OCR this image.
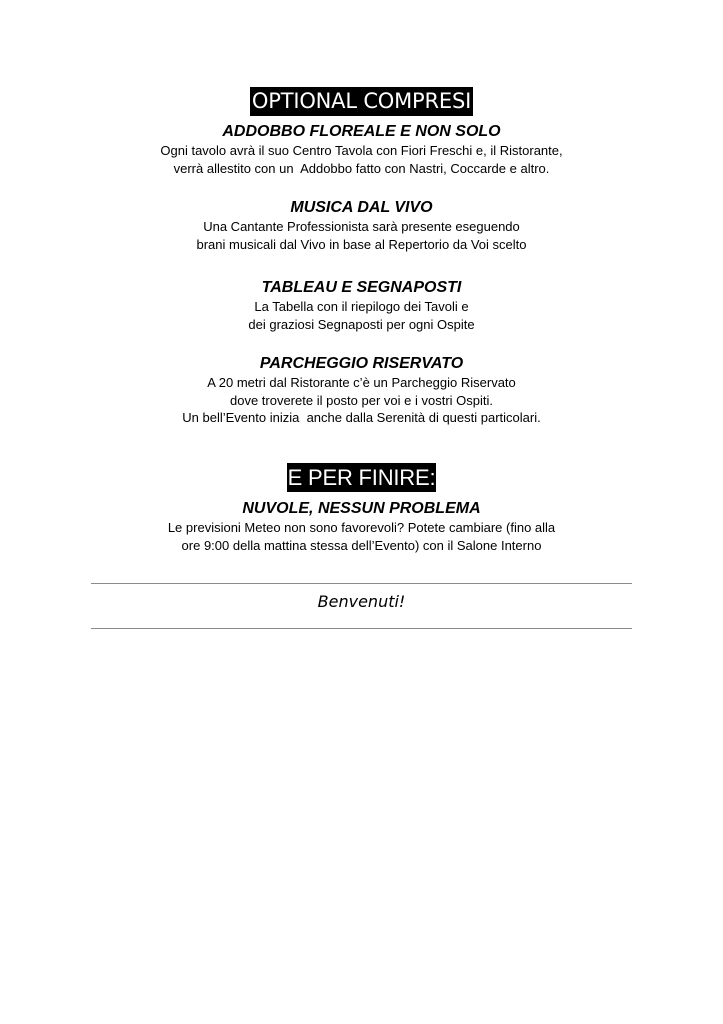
OPTIONAL COMPRESI

ADDOBBO FLOREALE E NON SOLO

Ogni tavolo avrà il suo Centro Tavola con Fiori Freschi e, il Ristorante,

verrà allestito con un  Addobbo fatto con Nastri, Coccarde e altro.

MUSICA DAL VIVO

Una Cantante Professionista sarà presente eseguendo

brani musicali dal Vivo in base al Repertorio da Voi scelto

TABLEAU E SEGNAPOSTI

La Tabella con il riepilogo dei Tavoli e

dei graziosi Segnaposti per ogni Ospite

PARCHEGGIO RISERVATO

A 20 metri dal Ristorante c’è un Parcheggio Riservato

dove troverete il posto per voi e i vostri Ospiti.

Un bell’Evento inizia  anche dalla Serenità di questi particolari.

E PER FINIRE:

NUVOLE, NESSUN PROBLEMA

Le previsioni Meteo non sono favorevoli? Potete cambiare (fino alla

ore 9:00 della mattina stessa dell’Evento) con il Salone Interno

Benvenuti!
